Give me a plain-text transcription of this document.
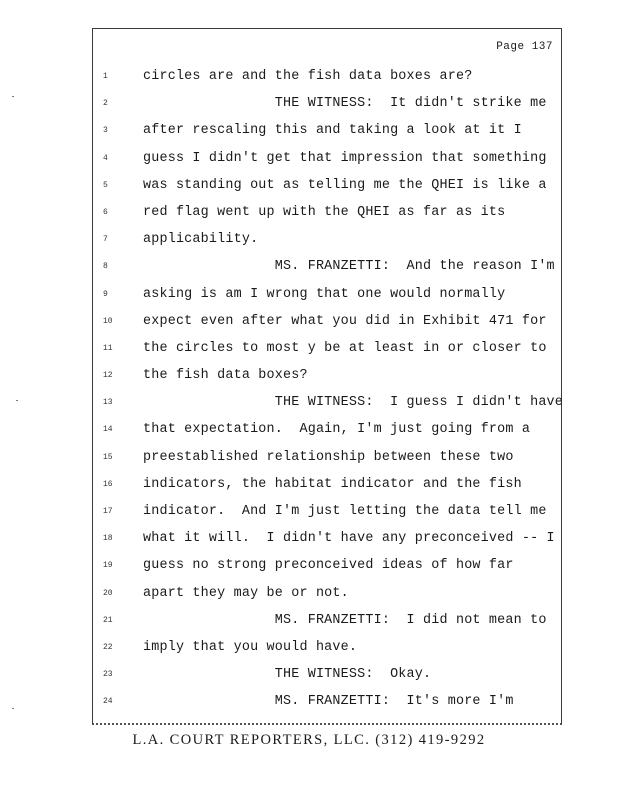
Page 137
1	circles are and the fish data boxes are?
2	THE WITNESS:  It didn't strike me
3	after rescaling this and taking a look at it I
4	guess I didn't get that impression that something
5	was standing out as telling me the QHEI is like a
6	red flag went up with the QHEI as far as its
7	applicability.
8	MS. FRANZETTI:  And the reason I'm
9	asking is am I wrong that one would normally
10	expect even after what you did in Exhibit 471 for
11	the circles to most y be at least in or closer to
12	the fish data boxes?
13	THE WITNESS:  I guess I didn't have
14	that expectation.  Again, I'm just going from a
15	preestablished relationship between these two
16	indicators, the habitat indicator and the fish
17	indicator.  And I'm just letting the data tell me
18	what it will.  I didn't have any preconceived -- I
19	guess no strong preconceived ideas of how far
20	apart they may be or not.
21	MS. FRANZETTI:  I did not mean to
22	imply that you would have.
23	THE WITNESS:  Okay.
24	MS. FRANZETTI:  It's more I'm
L.A. COURT REPORTERS, LLC. (312) 419-9292
